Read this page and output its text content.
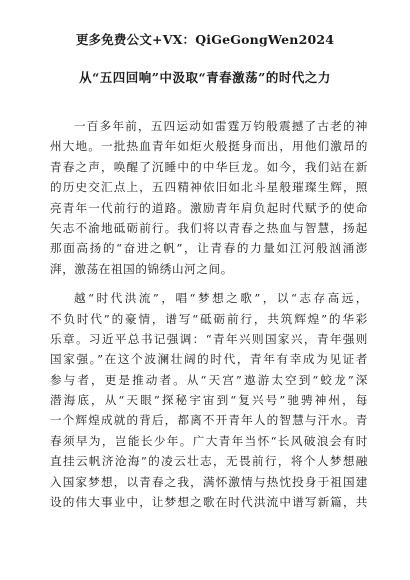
更多免费公文+VX：QiGeGongWen2024
从“五四回响”中汲取“青春激荡”的时代之力
一百多年前，五四运动如雷霆万钧般震撼了古老的神
州大地。一批热血青年如炬火般挺身而出，用他们激昂的
青春之声，唤醒了沉睡中的中华巨龙。如今，我们站在新
的历史交汇点上，五四精神依旧如北斗星般璀璨生辉，照
亮青年一代前行的道路。激励青年肩负起时代赋予的使命
矢志不渝地砥砺前行。我们将以青春之热血与智慧，扬起
那面高扬的“奋进之帆”，让青春的力量如江河般汹涌澎
湃，激荡在祖国的锦绣山河之间。
越“时代洪流”，唱“梦想之歌”，以“志存高远，
不负时代”的豪情，谱写“砥砺前行，共筑辉煌”的华彩
乐章。习近平总书记强调：“青年兴则国家兴，青年强则
国家强。”在这个波澜壮阔的时代，青年有幸成为见证者
参与者，更是推动者。从“天宫”遨游太空到“蛟龙”深
潜海底，从“天眼”探秘宇宙到“复兴号”驰骋神州，每
一个辉煌成就的背后，都离不开青年人的智慧与汗水。青
春须早为，岂能长少年。广大青年当怀“长风破浪会有时
直挂云帆济沧海”的凌云壮志，无畏前行，将个人梦想融
入国家梦想，以青春之我，满怀激情与热忱投身于祖国建
设的伟大事业中，让梦想之歌在时代洪流中谱写新篇，共
